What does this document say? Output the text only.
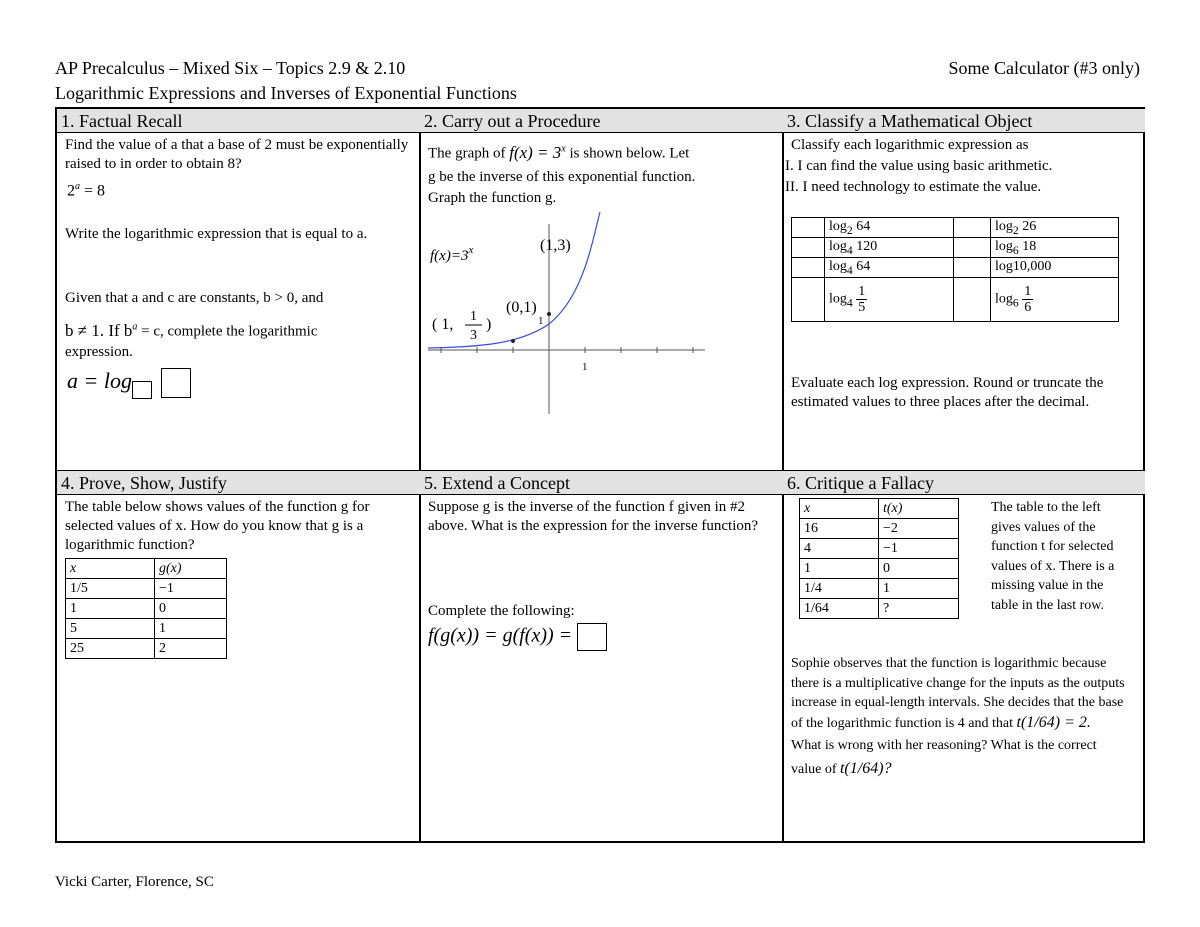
AP Precalculus – Mixed Six – Topics 2.9 & 2.10
Logarithmic Expressions and Inverses of Exponential Functions
Some Calculator (#3 only)
1. Factual Recall
Find the value of a that a base of 2 must be exponentially raised to in order to obtain 8?
$2^a = 8$
Write the logarithmic expression that is equal to a.
Given that a and c are constants, b > 0, and
b ≠ 1. If $b^a = c$, complete the logarithmic
expression.
a = log
2. Carry out a Procedure
The graph of $f(x) = 3^x$ is shown below. Let
g be the inverse of this exponential function.
Graph the function g.
$f(x)=3^x$	(1,3)
(0,1)
( 1, 1
3
)
1
1
3. Classify a Mathematical Object
Classify each logarithmic expression as
I. I can find the value using basic arithmetic.
II. I need technology to estimate the value.
	$\log_2 64$		$\log_2 26$
	$\log_4 120$		$\log_6 18$
	$\log_4 64$		log10,000
	$\log_4 \frac{1}{5}$		$\log_6 \frac{1}{6}$
Evaluate each log expression. Round or truncate the estimated values to three places after the decimal.
4. Prove, Show, Justify
The table below shows values of the function g for selected values of x. How do you know that g is a logarithmic function?
x	g(x)
1/5	−1
1	0
5	1
25	2
5. Extend a Concept
Suppose g is the inverse of the function f given in #2 above. What is the expression for the inverse function?
Complete the following:
f(g(x)) = g(f(x)) =
6. Critique a Fallacy
x	t(x)
16	−2
4	−1
1	0
1/4	1
1/64	?
The table to the left gives values of the function t for selected values of x. There is a missing value in the table in the last row.
Sophie observes that the function is logarithmic because there is a multiplicative change for the inputs as the outputs increase in equal-length intervals. She decides that the base of the logarithmic function is 4 and that t(1/64) = 2.
What is wrong with her reasoning? What is the correct value of t(1/64)?
Vicki Carter, Florence, SC
